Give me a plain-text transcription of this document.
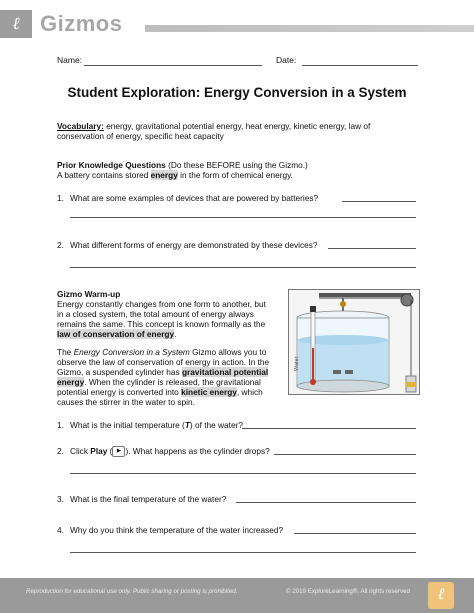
ℓ Gizmos
Name:	Date:
Student Exploration: Energy Conversion in a System
Vocabulary: energy, gravitational potential energy, heat energy, kinetic energy, law of
conservation of energy, specific heat capacity
Prior Knowledge Questions (Do these BEFORE using the Gizmo.)
A battery contains stored energy in the form of chemical energy.
1. What are some examples of devices that are powered by batteries?
2. What different forms of energy are demonstrated by these devices?
Gizmo Warm-up
Energy constantly changes from one form to another, but
in a closed system, the total amount of energy always
remains the same. This concept is known formally as the
law of conservation of energy.
The Energy Conversion in a System Gizmo allows you to
observe the law of conservation of energy in action. In the
Gizmo, a suspended cylinder has gravitational potential
energy. When the cylinder is released, the gravitational
potential energy is converted into kinetic energy, which
causes the stirrer in the water to spin.
Water
1. What is the initial temperature (T) of the water?
2. Click Play ( ▶ ). What happens as the cylinder drops?
3. What is the final temperature of the water?
4. Why do you think the temperature of the water increased?
Reproduction for educational use only. Public sharing or posting is prohibited.	© 2019 ExploreLearning®. All rights reserved	ℓ
